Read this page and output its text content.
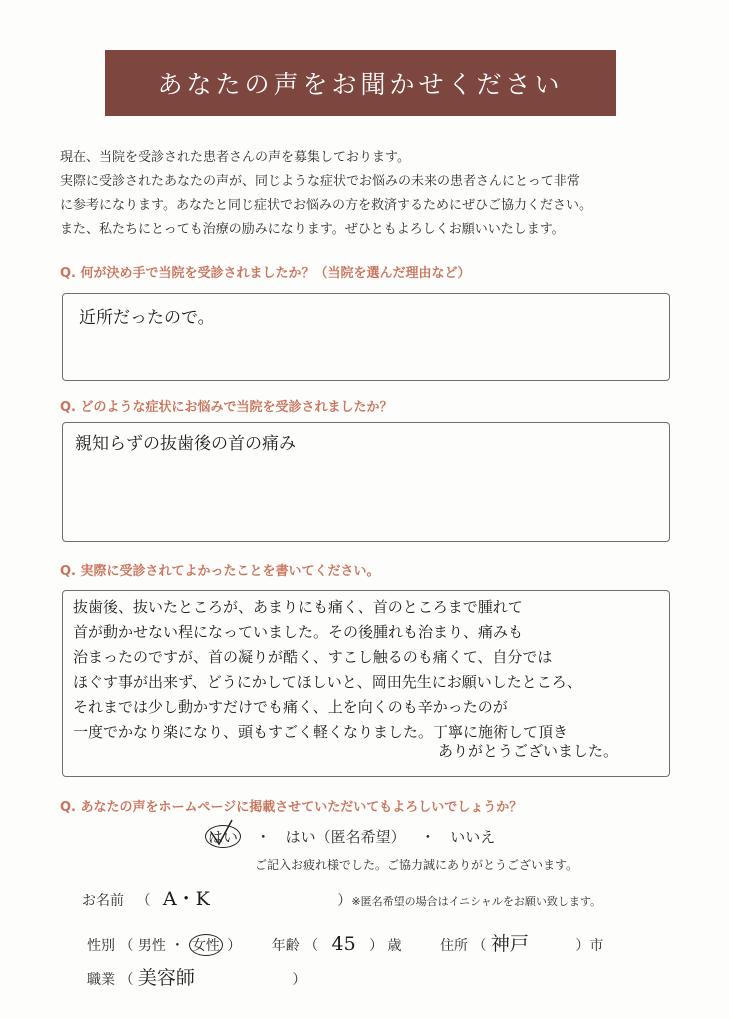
あなたの声をお聞かせください

現在、当院を受診された患者さんの声を募集しております。

実際に受診されたあなたの声が、同じような症状でお悩みの未来の患者さんにとって非常

に参考になります。あなたと同じ症状でお悩みの方を救済するためにぜひご協力ください。

また、私たちにとっても治療の励みになります。ぜひともよろしくお願いいたします。

Q. 何が決め手で当院を受診されましたか？（当院を選んだ理由など）
近所だったので。
Q. どのような症状にお悩みで当院を受診されましたか？
親知らずの抜歯後の首の痛み
Q. 実際に受診されてよかったことを書いてください。
抜歯後、抜いたところが、あまりにも痛く、首のところまで腫れて
首が動かせない程になっていました。その後腫れも治まり、痛みも
治まったのですが、首の凝りが酷く、すこし触るのも痛くて、自分では
ほぐす事が出来ず、どうにかしてほしいと、岡田先生にお願いしたところ、
それまでは少し動かすだけでも痛く、上を向くのも辛かったのが
一度でかなり楽になり、頭もすごく軽くなりました。丁寧に施術して頂き
ありがとうございました。
Q. あなたの声をホームページに掲載させていただいてもよろしいでしょうか？
はい ・ はい（匿名希望） ・ いいえ
ご記入お疲れ様でした。ご協力誠にありがとうございます。
お名前 （ A・K	）※匿名希望の場合はイニシャルをお願い致します。
性別 （ 男性 ・ 女性 ） 年齢 （ 45 ） 歳	住所 （ 神戸	）市
職業 （ 美容師	）
